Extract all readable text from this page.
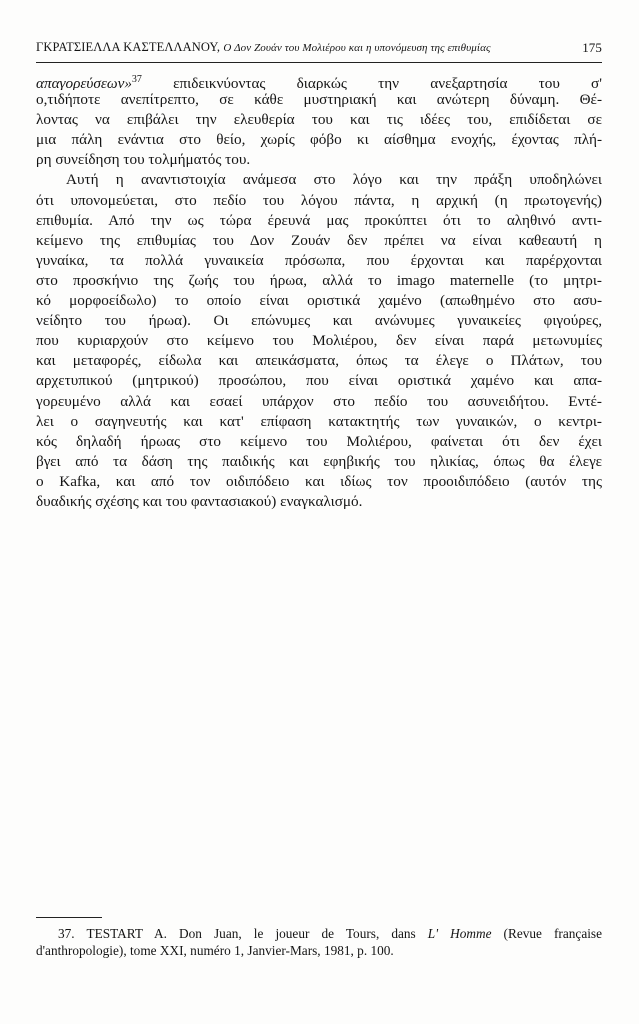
ΓΚΡΑΤΣΙΕΛΛΑ ΚΑΣΤΕΛΛΑΝΟΥ, Ο Δον Ζουάν του Μολιέρου και η υπονόμευση της επιθυμίας	175
απαγορεύσεων»$^{37}$ επιδεικνύοντας διαρκώς την ανεξαρτησία του σ'
ο,τιδήποτε ανεπίτρεπτο, σε κάθε μυστηριακή και ανώτερη δύναμη. Θέ-
λοντας να επιβάλει την ελευθερία του και τις ιδέες του, επιδίδεται σε
μια πάλη ενάντια στο θείο, χωρίς φόβο κι αίσθημα ενοχής, έχοντας πλή-
ρη συνείδηση του τολμήματός του.
Αυτή η αναντιστοιχία ανάμεσα στο λόγο και την πράξη υποδηλώνει
ότι υπονομεύεται, στο πεδίο του λόγου πάντα, η αρχική (η πρωτογενής)
επιθυμία. Από την ως τώρα έρευνά μας προκύπτει ότι το αληθινό αντι-
κείμενο της επιθυμίας του Δον Ζουάν δεν πρέπει να είναι καθεαυτή η
γυναίκα, τα πολλά γυναικεία πρόσωπα, που έρχονται και παρέρχονται
στο προσκήνιο της ζωής του ήρωα, αλλά το imago maternelle (το μητρι-
κό μορφοείδωλο) το οποίο είναι οριστικά χαμένο (απωθημένο στο ασυ-
νείδητο του ήρωα). Οι επώνυμες και ανώνυμες γυναικείες φιγούρες,
που κυριαρχούν στο κείμενο του Μολιέρου, δεν είναι παρά μετωνυμίες
και μεταφορές, είδωλα και απεικάσματα, όπως τα έλεγε ο Πλάτων, του
αρχετυπικού (μητρικού) προσώπου, που είναι οριστικά χαμένο και απα-
γορευμένο αλλά και εσαεί υπάρχον στο πεδίο του ασυνειδήτου. Εντέ-
λει ο σαγηνευτής και κατ' επίφαση κατακτητής των γυναικών, ο κεντρι-
κός δηλαδή ήρωας στο κείμενο του Μολιέρου, φαίνεται ότι δεν έχει
βγει από τα δάση της παιδικής και εφηβικής του ηλικίας, όπως θα έλεγε
ο Kafka, και από τον οιδιπόδειο και ιδίως τον προοιδιπόδειο (αυτόν της
δυαδικής σχέσης και του φαντασιακού) εναγκαλισμό.
37. TESTART A. Don Juan, le joueur de Tours, dans L' Homme (Revue française
d'anthropologie), tome XXI, numéro 1, Janvier-Mars, 1981, p. 100.
